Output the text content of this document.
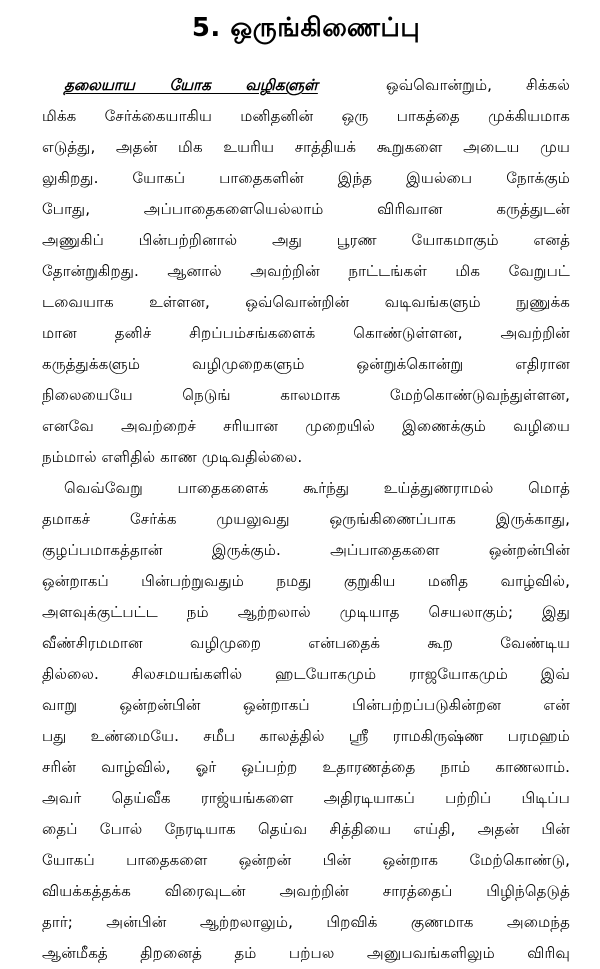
5. ஒருங்கிணைப்பு
தலையாய யோக வழிகளுள்	ஒவ்வொன்றும், சிக்கல்
மிக்க சேர்க்கையாகிய மனிதனின் ஒரு பாகத்தை முக்கியமாக
எடுத்து, அதன் மிக உயரிய சாத்தியக் கூறுகளை அடைய முய
லுகிறது. யோகப் பாதைகளின் இந்த இயல்பை நோக்கும்
போது, அப்பாதைகளையெல்லாம் விரிவான கருத்துடன்
அணுகிப் பின்பற்றினால் அது பூரண யோகமாகும் எனத்
தோன்றுகிறது. ஆனால் அவற்றின் நாட்டங்கள் மிக வேறுபட்
டவையாக உள்ளன, ஒவ்வொன்றின் வடிவங்களும் நுணுக்க
மான தனிச் சிறப்பம்சங்களைக் கொண்டுள்ளன, அவற்றின்
கருத்துக்களும் வழிமுறைகளும் ஒன்றுக்கொன்று எதிரான
நிலையையே நெடுங் காலமாக மேற்கொண்டுவந்துள்ளன,
எனவே அவற்றைச் சரியான முறையில் இணைக்கும் வழியை
நம்மால் எளிதில் காண முடிவதில்லை.
வெவ்வேறு பாதைகளைக் கூர்ந்து உய்த்துணராமல் மொத்
தமாகச் சேர்க்க முயலுவது ஒருங்கிணைப்பாக இருக்காது,
குழப்பமாகத்தான் இருக்கும். அப்பாதைகளை ஒன்றன்பின்
ஒன்றாகப் பின்பற்றுவதும் நமது குறுகிய மனித வாழ்வில்,
அளவுக்குட்பட்ட நம் ஆற்றலால் முடியாத செயலாகும்; இது
வீண்சிரமமான வழிமுறை என்பதைக் கூற வேண்டிய
தில்லை. சிலசமயங்களில் ஹடயோகமும் ராஜயோகமும் இவ்
வாறு ஒன்றன்பின் ஒன்றாகப் பின்பற்றப்படுகின்றன என்
பது உண்மையே. சமீப காலத்தில் ஸ்ரீ ராமகிருஷ்ண பரமஹம்
சரின் வாழ்வில், ஓர் ஒப்பற்ற உதாரணத்தை நாம் காணலாம்.
அவர் தெய்வீக ராஜ்யங்களை அதிரடியாகப் பற்றிப் பிடிப்ப
தைப் போல் நேரடியாக தெய்வ சித்தியை எய்தி, அதன் பின்
யோகப் பாதைகளை ஒன்றன் பின் ஒன்றாக மேற்கொண்டு,
வியக்கத்தக்க விரைவுடன் அவற்றின் சாரத்தைப் பிழிந்தெடுத்
தார்; அன்பின் ஆற்றலாலும், பிறவிக் குணமாக அமைந்த
ஆன்மீகத் திறனைத் தம் பற்பல அனுபவங்களிலும் விரிவு
